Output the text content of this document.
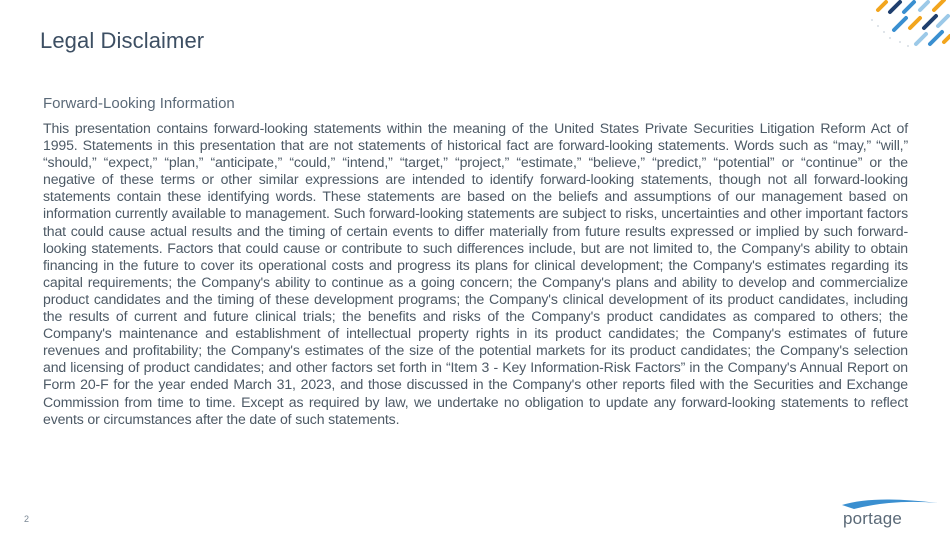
Legal Disclaimer
Forward-Looking Information

This presentation contains forward-looking statements within the meaning of the United States Private Securities Litigation Reform Act of 1995. Statements in this presentation that are not statements of historical fact are forward-looking statements. Words such as “may,” “will,” “should,” “expect,” “plan,” “anticipate,” “could,” “intend,” “target,” “project,” “estimate,” “believe,” “predict,” “potential” or “continue” or the negative of these terms or other similar expressions are intended to identify forward-looking statements, though not all forward-looking statements contain these identifying words. These statements are based on the beliefs and assumptions of our management based on information currently available to management. Such forward-looking statements are subject to risks, uncertainties and other important factors that could cause actual results and the timing of certain events to differ materially from future results expressed or implied by such forward-looking statements. Factors that could cause or contribute to such differences include, but are not limited to, the Company's ability to obtain financing in the future to cover its operational costs and progress its plans for clinical development; the Company's estimates regarding its capital requirements; the Company's ability to continue as a going concern; the Company's plans and ability to develop and commercialize product candidates and the timing of these development programs; the Company's clinical development of its product candidates, including the results of current and future clinical trials; the benefits and risks of the Company's product candidates as compared to others; the Company's maintenance and establishment of intellectual property rights in its product candidates; the Company's estimates of future revenues and profitability; the Company's estimates of the size of the potential markets for its product candidates; the Company's selection and licensing of product candidates; and other factors set forth in “Item 3 - Key Information-Risk Factors” in the Company's Annual Report on Form 20-F for the year ended March 31, 2023, and those discussed in the Company's other reports filed with the Securities and Exchange Commission from time to time. Except as required by law, we undertake no obligation to update any forward-looking statements to reflect events or circumstances after the date of such statements.

2	portage
